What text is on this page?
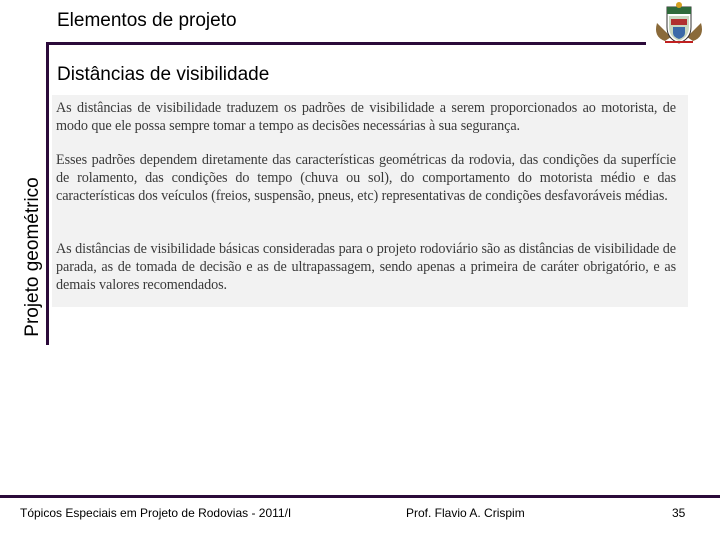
Elementos de projeto
Projeto geométrico
Distâncias de visibilidade

As distâncias de visibilidade traduzem os padrões de visibilidade a serem proporcionados ao motorista, de modo que ele possa sempre tomar a tempo as decisões necessárias à sua segurança.

Esses padrões dependem diretamente das características geométricas da rodovia, das condições da superfície de rolamento, das condições do tempo (chuva ou sol), do comportamento do motorista médio e das características dos veículos (freios, suspensão, pneus, etc) representativas de condições desfavoráveis médias.

As distâncias de visibilidade básicas consideradas para o projeto rodoviário são as distâncias de visibilidade de parada, as de tomada de decisão e as de ultrapassagem, sendo apenas a primeira de caráter obrigatório, e as demais valores recomendados.

Tópicos Especiais em Projeto de Rodovias - 2011/I	Prof. Flavio A. Crispim	35
